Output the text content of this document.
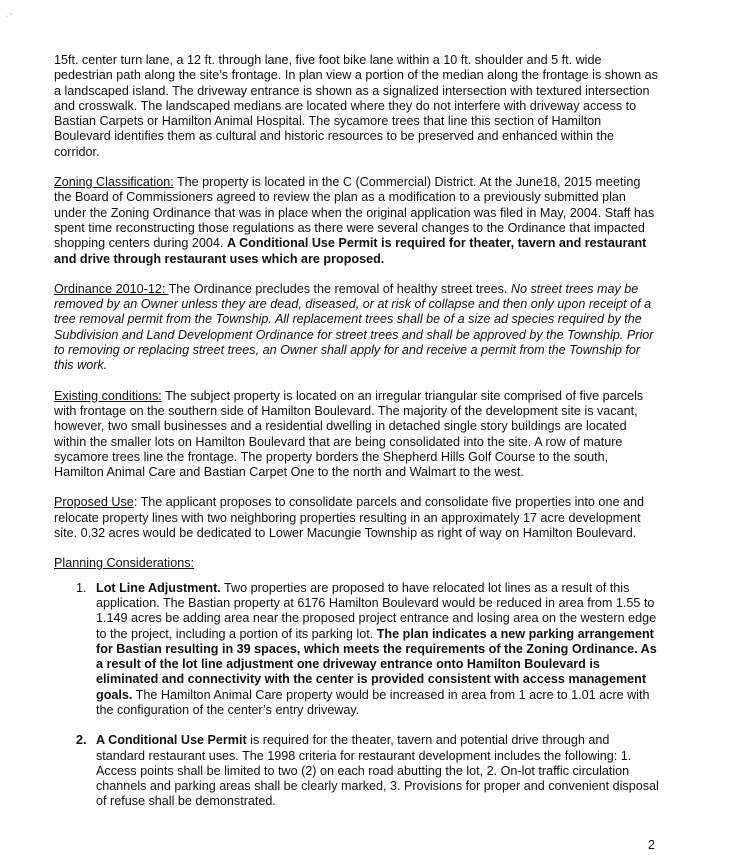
· ’

15ft. center turn lane, a 12 ft. through lane, five foot bike lane within a 10 ft. shoulder and 5 ft. wide pedestrian path along the site’s frontage. In plan view a portion of the median along the frontage is shown as a landscaped island. The driveway entrance is shown as a signalized intersection with textured intersection and crosswalk. The landscaped medians are located where they do not interfere with driveway access to Bastian Carpets or Hamilton Animal Hospital. The sycamore trees that line this section of Hamilton Boulevard identifies them as cultural and historic resources to be preserved and enhanced within the corridor.

Zoning Classification: The property is located in the C (Commercial) District. At the June18, 2015 meeting the Board of Commissioners agreed to review the plan as a modification to a previously submitted plan under the Zoning Ordinance that was in place when the original application was filed in May, 2004. Staff has spent time reconstructing those regulations as there were several changes to the Ordinance that impacted shopping centers during 2004. A Conditional Use Permit is required for theater, tavern and restaurant and drive through restaurant uses which are proposed.

Ordinance 2010-12: The Ordinance precludes the removal of healthy street trees. No street trees may be removed by an Owner unless they are dead, diseased, or at risk of collapse and then only upon receipt of a tree removal permit from the Township. All replacement trees shall be of a size ad species required by the Subdivision and Land Development Ordinance for street trees and shall be approved by the Township. Prior to removing or replacing street trees, an Owner shall apply for and receive a permit from the Township for this work.

Existing conditions: The subject property is located on an irregular triangular site comprised of five parcels with frontage on the southern side of Hamilton Boulevard. The majority of the development site is vacant, however, two small businesses and a residential dwelling in detached single story buildings are located within the smaller lots on Hamilton Boulevard that are being consolidated into the site. A row of mature sycamore trees line the frontage. The property borders the Shepherd Hills Golf Course to the south, Hamilton Animal Care and Bastian Carpet One to the north and Walmart to the west.

Proposed Use: The applicant proposes to consolidate parcels and consolidate five properties into one and relocate property lines with two neighboring properties resulting in an approximately 17 acre development site. 0.32 acres would be dedicated to Lower Macungie Township as right of way on Hamilton Boulevard.

Planning Considerations:
1. Lot Line Adjustment. Two properties are proposed to have relocated lot lines as a result of this application. The Bastian property at 6176 Hamilton Boulevard would be reduced in area from 1.55 to 1.149 acres be adding area near the proposed project entrance and losing area on the western edge to the project, including a portion of its parking lot. The plan indicates a new parking arrangement for Bastian resulting in 39 spaces, which meets the requirements of the Zoning Ordinance. As a result of the lot line adjustment one driveway entrance onto Hamilton Boulevard is eliminated and connectivity with the center is provided consistent with access management goals. The Hamilton Animal Care property would be increased in area from 1 acre to 1.01 acre with the configuration of the center’s entry driveway.
2. A Conditional Use Permit is required for the theater, tavern and potential drive through and standard restaurant uses. The 1998 criteria for restaurant development includes the following: 1. Access points shall be limited to two (2) on each road abutting the lot, 2. On-lot traffic circulation channels and parking areas shall be clearly marked, 3. Provisions for proper and convenient disposal of refuse shall be demonstrated.
2
